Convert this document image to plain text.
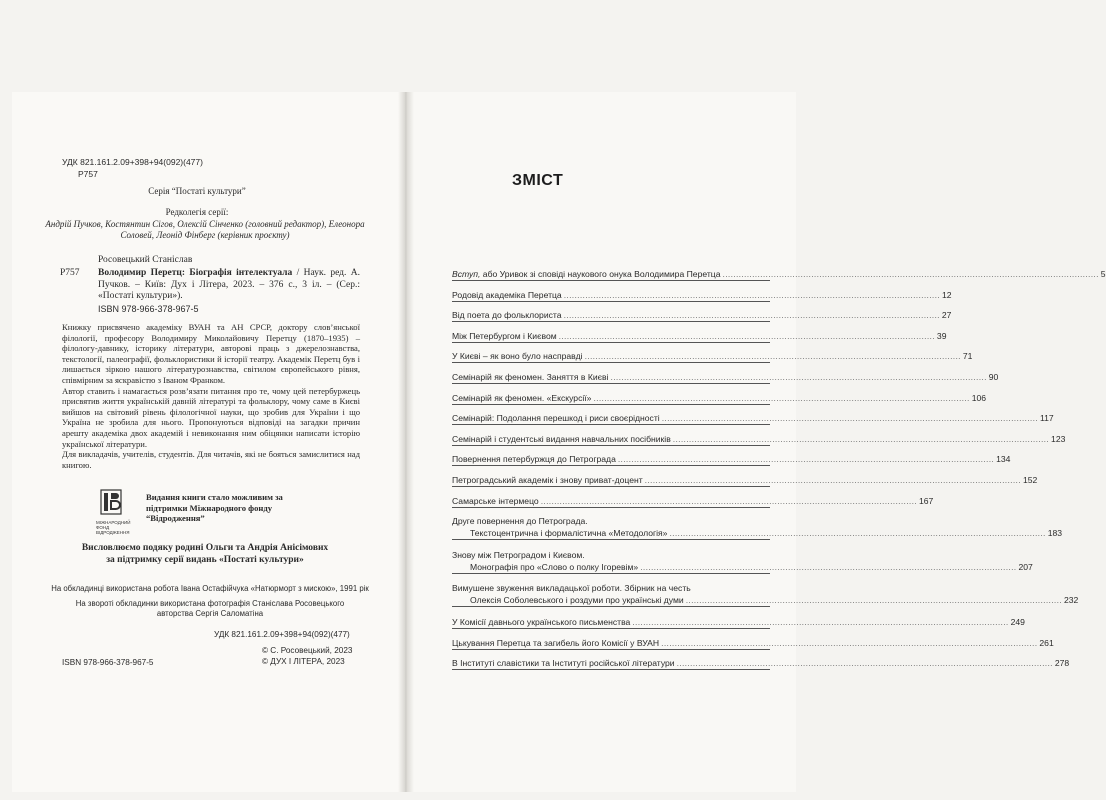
УДК 821.161.2.09+398+94(092)(477)
Р757
Серія “Постаті культури”
Редколегія серії:
Андрій Пучков, Костянтин Сігов, Олексій Сінченко (головний редактор), Елеонора Соловей, Леонід Фінберг (керівник проєкту)
Росовецький Станіслав
Р757 Володимир Перетц: Біографія інтелектуала / Наук. ред. А. Пучков. – Київ: Дух і Літера, 2023. – 376 с., 3 іл. – (Сер.: «Постаті культури»).
ISBN 978-966-378-967-5

Книжку присвячено академіку ВУАН та АН СРСР, доктору слов’янської філології, професору Володимиру Миколайовичу Перетцу (1870–1935) – філологу-давнику, історику літератури, авторові праць з джерелознавства, текстології, палеографії, фольклористики й історії театру. Академік Перетц був і лишається зіркою нашого літературознавства, світилом європейського рівня, співмірним за яскравістю з Іваном Франком.

Автор ставить і намагається розв’язати питання про те, чому цей петербуржець присвятив життя українській давній літературі та фольклору, чому саме в Києві вийшов на світовий рівень філологічної науки, що зробив для України і що Україна не зробила для нього. Пропонуються відповіді на загадки причин арешту академіка двох академій і невиконання ним обіцянки написати історію української літератури.

Для викладачів, учителів, студентів. Для читачів, які не бояться замислитися над книгою.

МІЖНАРОДНИЙ ФОНД ВІДРОДЖЕННЯ
Видання книги стало можливим за підтримки Міжнародного фонду “Відродження”
Висловлюємо подяку родині Ольги та Андрія Анісімових
за підтримку серії видань «Постаті культури»
На обкладинці використана робота Івана Остафійчука «Натюрморт з мискою», 1991 рік
На звороті обкладинки використана фотографія Станіслава Росовецького авторства Сергія Саломатіна
УДК 821.161.2.09+398+94(092)(477)
ISBN 978-966-378-967-5
© С. Росовецький, 2023
© ДУХ І ЛІТЕРА, 2023
ЗМІСТ
Вступ, або Уривок зі сповіді наукового онука Володимира Перетца .....	5
Родовід академіка Перетца .....	12
Від поета до фольклориста .....	27
Між Петербургом і Києвом .....	39
У Києві – як воно було насправді .....	71
Семінарій як феномен. Заняття в Києві .....	90
Семінарій як феномен. «Екскурсії» .....	106
Семінарій: Подолання перешкод і риси своєрідності .....	117
Семінарій і студентські видання навчальних посібників .....	123
Повернення петербуржця до Петрограда .....	134
Петроградський академік і знову приват-доцент .....	152
Самарське інтермецо .....	167
Друге повернення до Петрограда.
Текстоцентрична і формалістична «Методологія» .....	183
Знову між Петроградом і Києвом.
Монографія про «Слово о полку Ігоревім» .....	207
Вимушене звуження викладацької роботи. Збірник на честь
Олексія Соболевського і роздуми про українські думи .....	232
У Комісії давнього українського письменства .....	249
Цькування Перетца та загибель його Комісії у ВУАН .....	261
В Інституті славістики та Інституті російської літератури .....	278
